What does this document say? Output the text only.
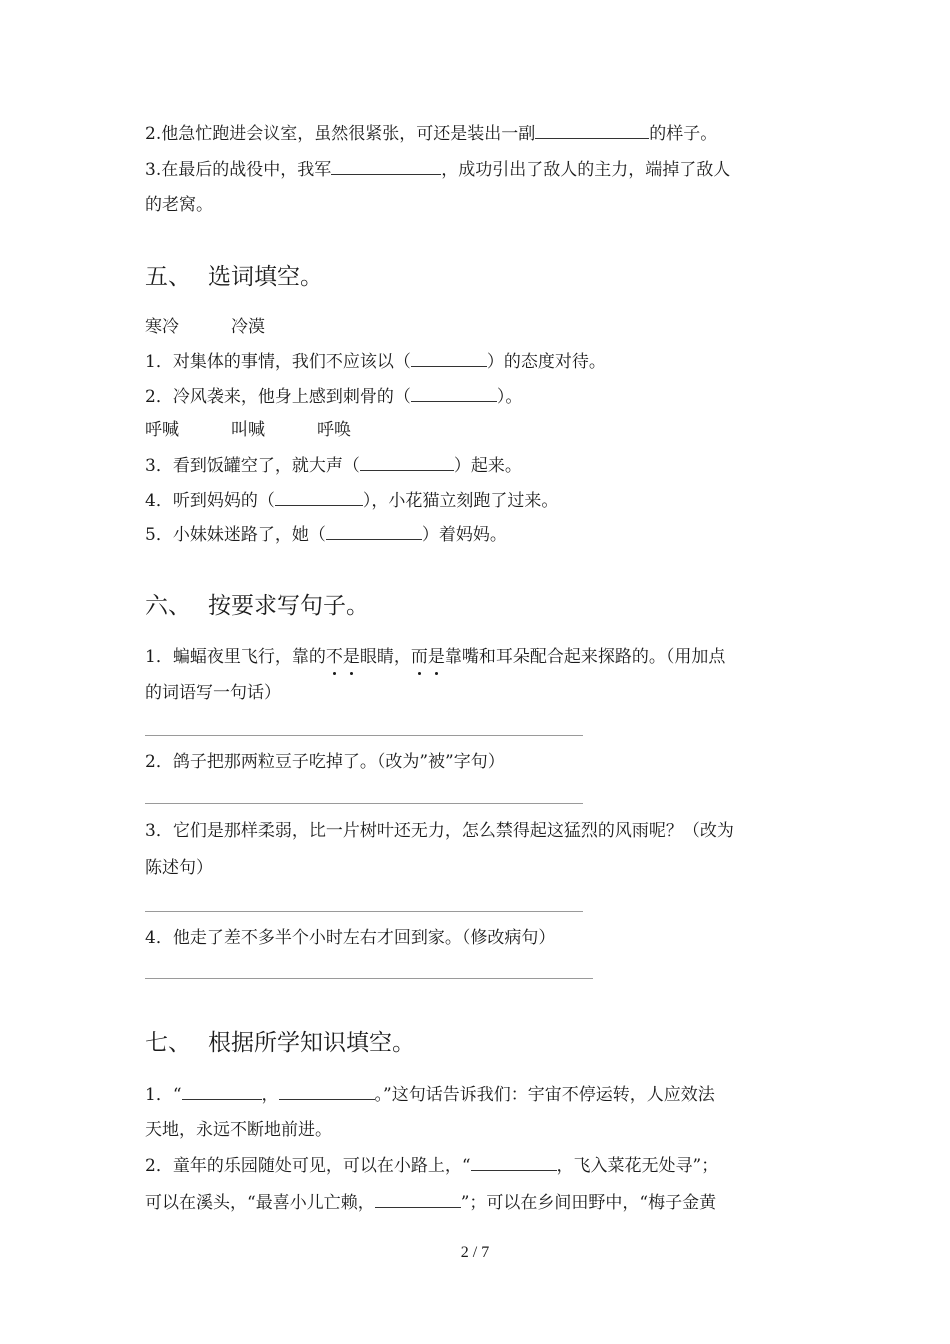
2.他急忙跑进会议室，虽然很紧张，可还是装出一副	的样子。
3.在最后的战役中，我军	，成功引出了敌人的主力，端掉了敌人
的老窝。
五、 选词填空。
寒冷	冷漠
1．对集体的事情，我们不应该以（	）的态度对待。
2．冷风袭来，他身上感到刺骨的（	）。
呼喊	叫喊	呼唤
3．看到饭罐空了，就大声（	）起来。
4．听到妈妈的（	），小花猫立刻跑了过来。
5．小妹妹迷路了，她（	）着妈妈。
六、 按要求写句子。
1．蝙蝠夜里飞行，靠的不是眼睛，而是靠嘴和耳朵配合起来探路的。（用加点
的词语写一句话）
2．鸽子把那两粒豆子吃掉了。（改为”被”字句）
3．它们是那样柔弱，比一片树叶还无力，怎么禁得起这猛烈的风雨呢？（改为
陈述句）
4．他走了差不多半个小时左右才回到家。（修改病句）
七、 根据所学知识填空。
1．“	，	。”这句话告诉我们：宇宙不停运转，人应效法
天地，永远不断地前进。
2．童年的乐园随处可见，可以在小路上，“	，飞入菜花无处寻”；
可以在溪头，“最喜小儿亡赖，	”；可以在乡间田野中，“梅子金黄
2 / 7
